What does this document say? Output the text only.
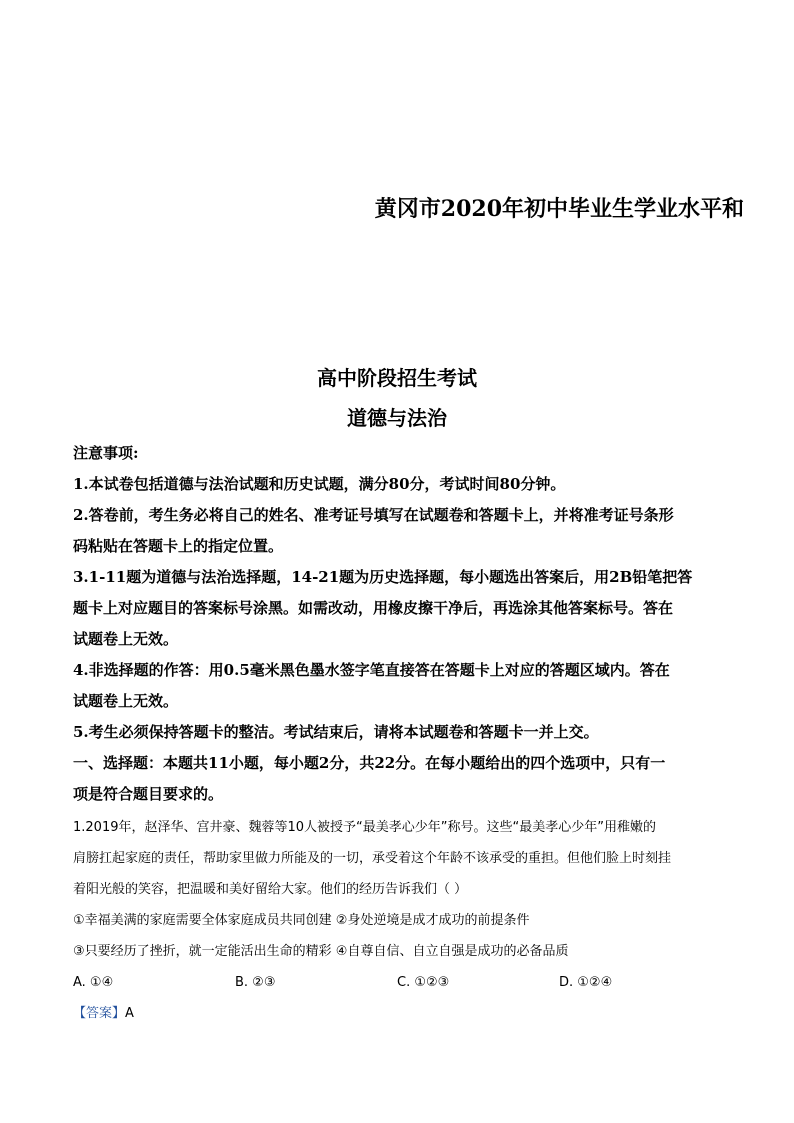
黄冈市2020年初中毕业生学业水平和
高中阶段招生考试
道德与法治

注意事项:

1.本试卷包括道德与法治试题和历史试题，满分80分，考试时间80分钟。

2.答卷前，考生务必将自己的姓名、准考证号填写在试题卷和答题卡上，并将准考证号条形

码粘贴在答题卡上的指定位置。

3.1-11题为道德与法治选择题，14-21题为历史选择题，每小题选出答案后，用2B铅笔把答

题卡上对应题目的答案标号涂黑。如需改动，用橡皮擦干净后，再选涂其他答案标号。答在

试题卷上无效。

4.非选择题的作答：用0.5毫米黑色墨水签字笔直接答在答题卡上对应的答题区域内。答在

试题卷上无效。

5.考生必须保持答题卡的整洁。考试结束后，请将本试题卷和答题卡一并上交。

一、选择题：本题共11小题，每小题2分，共22分。在每小题给出的四个选项中，只有一

项是符合题目要求的。

1.2019年，赵泽华、宫井豪、魏蓉等10人被授予“最美孝心少年”称号。这些“最美孝心少年”用稚嫩的

肩膀扛起家庭的责任，帮助家里做力所能及的一切，承受着这个年龄不该承受的重担。但他们脸上时刻挂

着阳光般的笑容，把温暖和美好留给大家。他们的经历告诉我们（ ）

①幸福美满的家庭需要全体家庭成员共同创建 ②身处逆境是成才成功的前提条件

③只要经历了挫折，就一定能活出生命的精彩 ④自尊自信、自立自强是成功的必备品质

A. ①④	B. ②③	C. ①②③	D. ①②④

【答案】A
